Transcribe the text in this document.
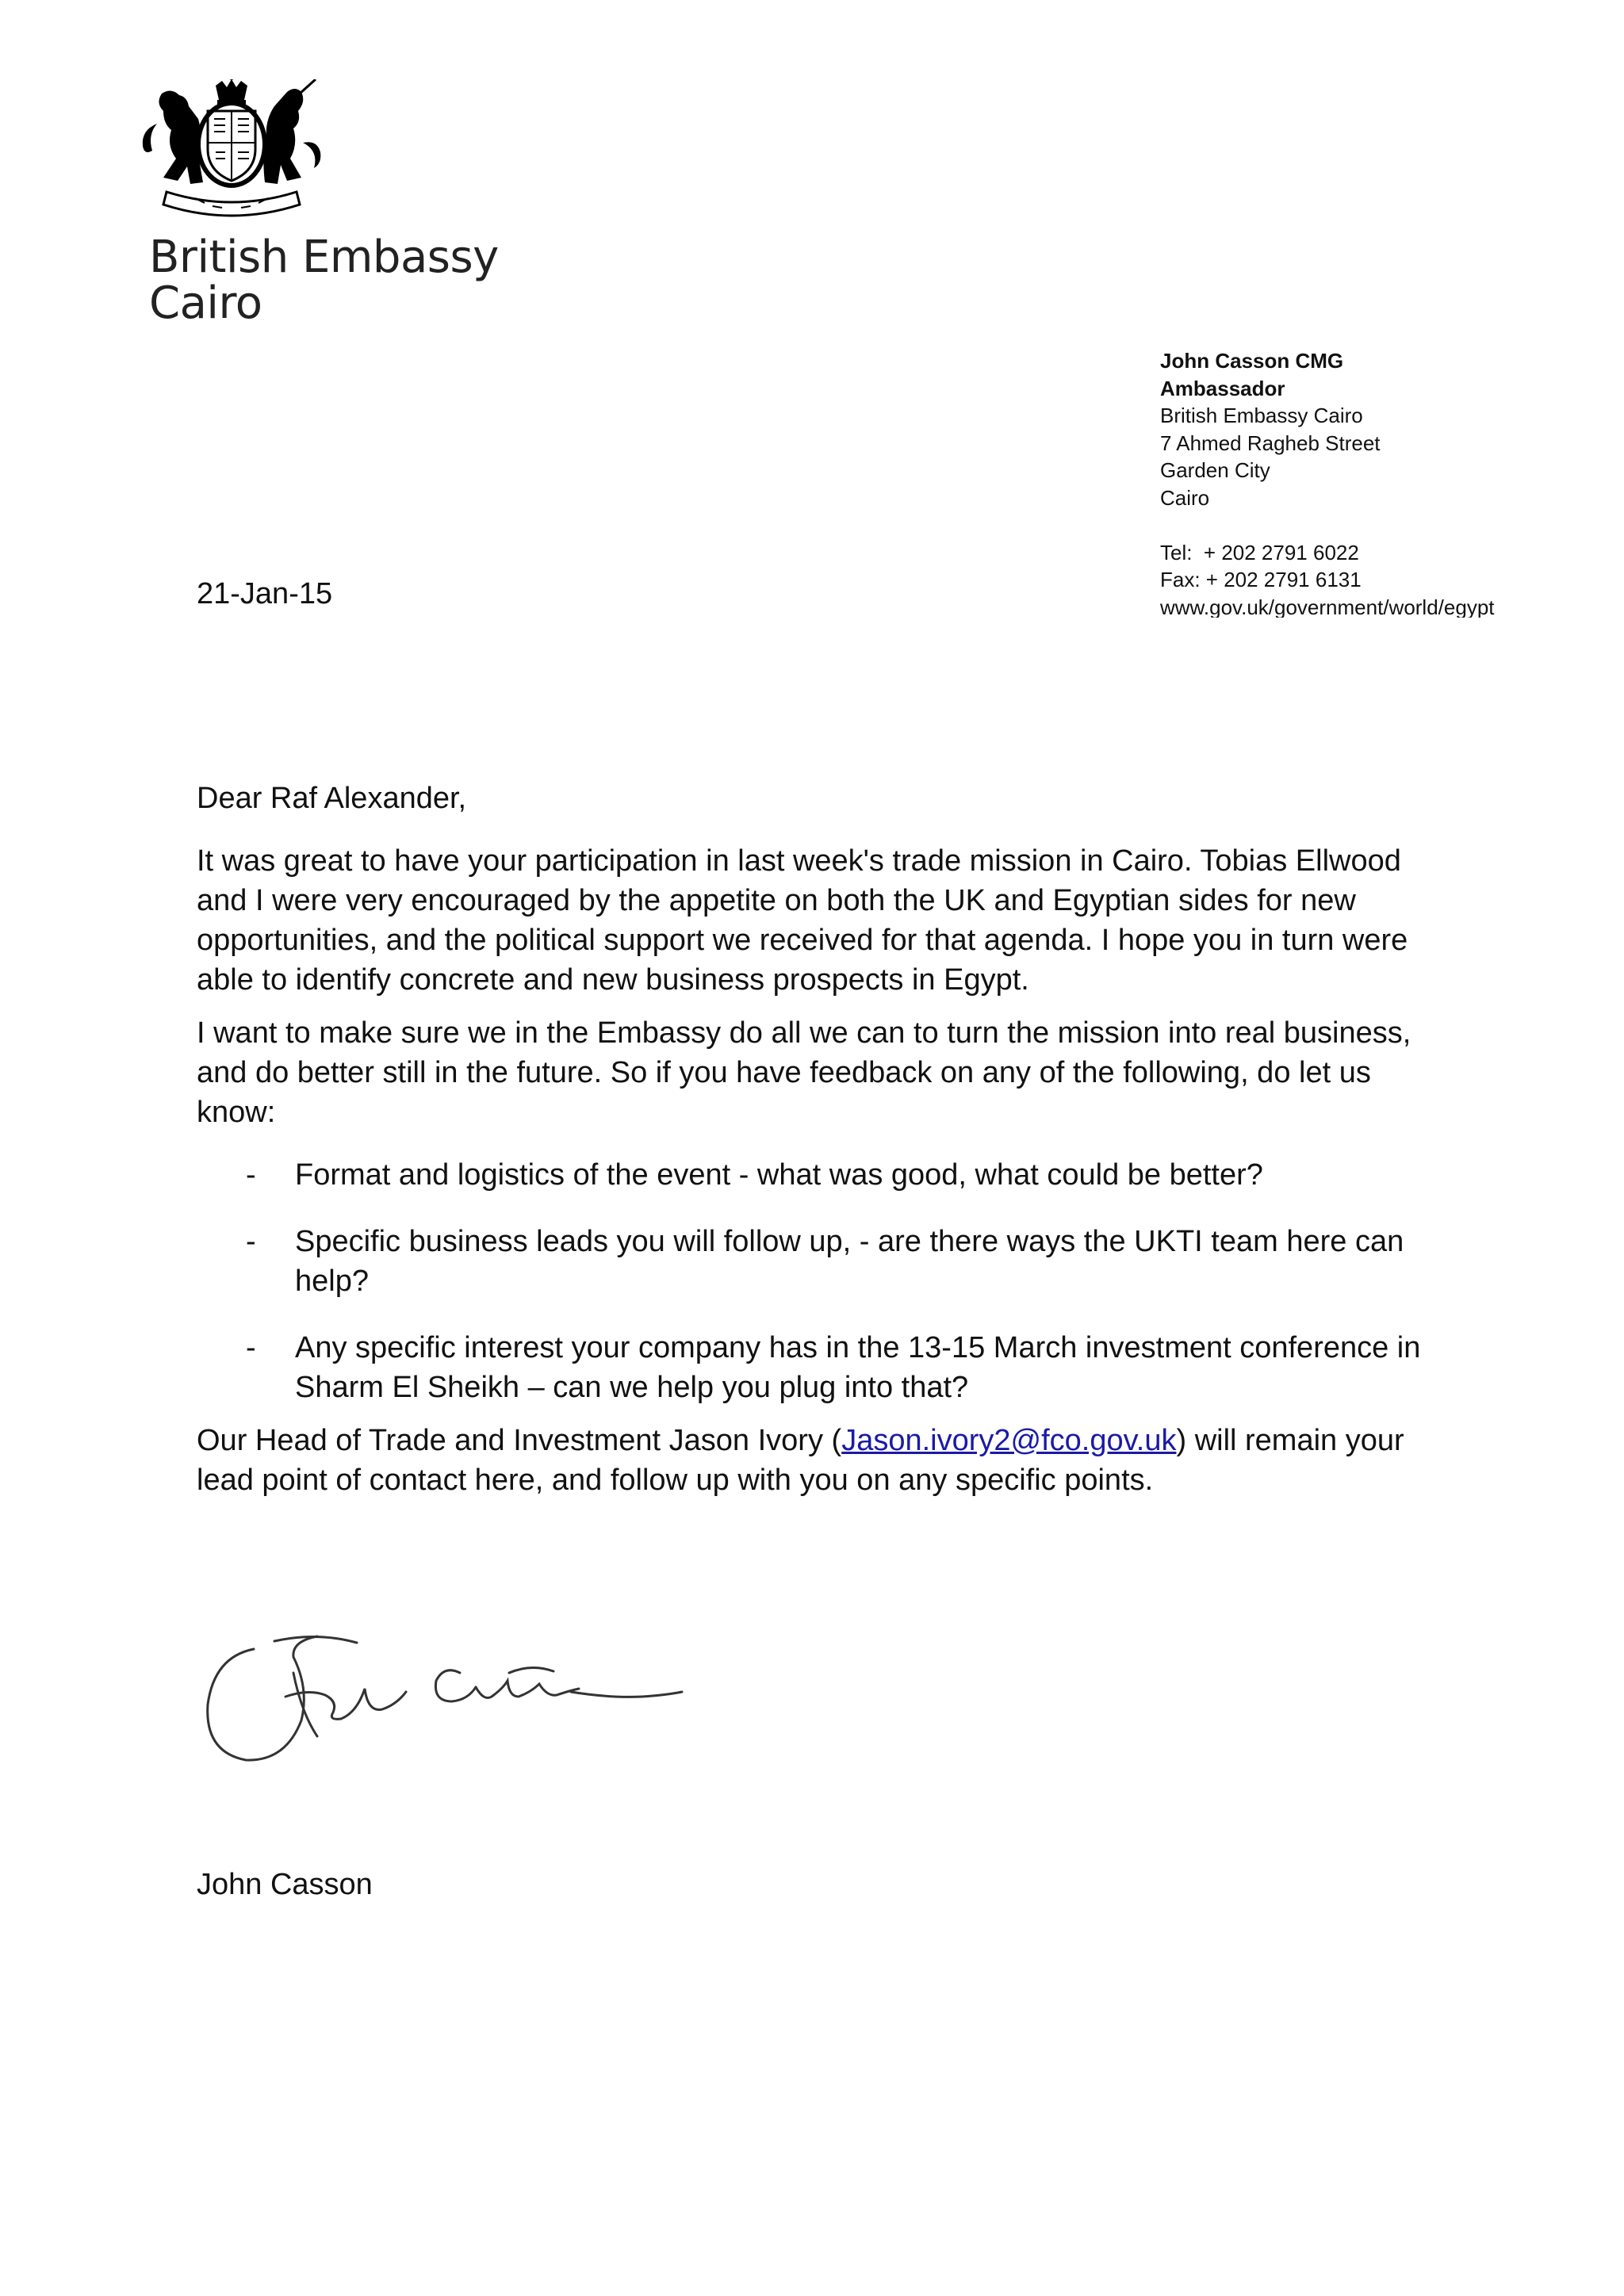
British Embassy
Cairo
John Casson CMG
Ambassador
British Embassy Cairo
7 Ahmed Ragheb Street
Garden City
Cairo
Tel:  + 202 2791 6022
Fax: + 202 2791 6131
www.gov.uk/government/world/egypt
21-Jan-15

Dear Raf Alexander,

It was great to have your participation in last week's trade mission in Cairo. Tobias Ellwood and I were very encouraged by the appetite on both the UK and Egyptian sides for new opportunities, and the political support we received for that agenda. I hope you in turn were able to identify concrete and new business prospects in Egypt.

I want to make sure we in the Embassy do all we can to turn the mission into real business, and do better still in the future. So if you have feedback on any of the following, do let us know:

- Format and logistics of the event - what was good, what could be better?
- Specific business leads you will follow up, - are there ways the UKTI team here can help?
- Any specific interest your company has in the 13-15 March investment conference in Sharm El Sheikh – can we help you plug into that?

Our Head of Trade and Investment Jason Ivory (Jason.ivory2@fco.gov.uk) will remain your lead point of contact here, and follow up with you on any specific points.

John Casson
